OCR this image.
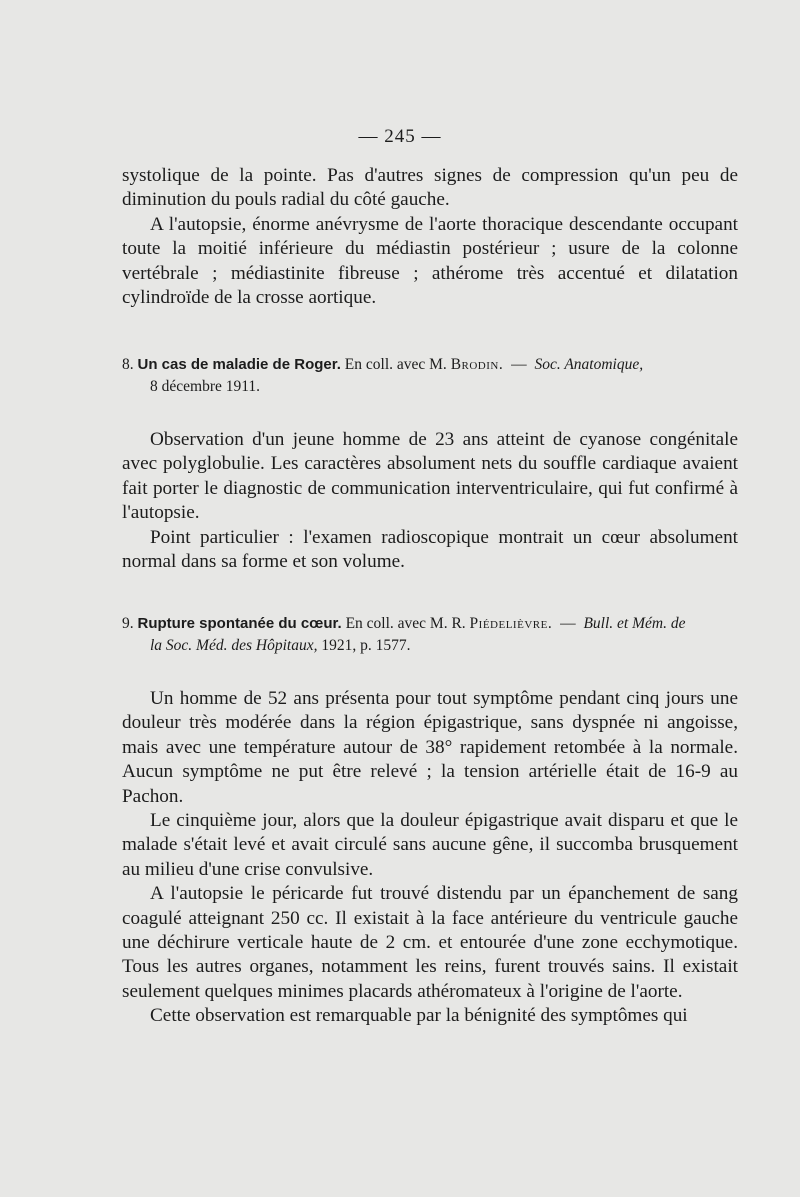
— 245 —

systolique de la pointe. Pas d'autres signes de compression qu'un peu de diminution du pouls radial du côté gauche.

A l'autopsie, énorme anévrysme de l'aorte thoracique descendante occupant toute la moitié inférieure du médiastin postérieur ; usure de la colonne vertébrale ; médiastinite fibreuse ; athérome très accentué et dilatation cylindroïde de la crosse aortique.

8. Un cas de maladie de Roger. En coll. avec M. Brodin. — Soc. Anatomique,
8 décembre 1911.

Observation d'un jeune homme de 23 ans atteint de cyanose congénitale avec polyglobulie. Les caractères absolument nets du souffle cardiaque avaient fait porter le diagnostic de communication interventriculaire, qui fut confirmé à l'autopsie.

Point particulier : l'examen radioscopique montrait un cœur absolument normal dans sa forme et son volume.

9. Rupture spontanée du cœur. En coll. avec M. R. Piédelièvre. — Bull. et Mém. de
la Soc. Méd. des Hôpitaux, 1921, p. 1577.

Un homme de 52 ans présenta pour tout symptôme pendant cinq jours une douleur très modérée dans la région épigastrique, sans dyspnée ni angoisse, mais avec une température autour de 38° rapidement retombée à la normale. Aucun symptôme ne put être relevé ; la tension artérielle était de 16-9 au Pachon.

Le cinquième jour, alors que la douleur épigastrique avait disparu et que le malade s'était levé et avait circulé sans aucune gêne, il succomba brusquement au milieu d'une crise convulsive.

A l'autopsie le péricarde fut trouvé distendu par un épanchement de sang coagulé atteignant 250 cc. Il existait à la face antérieure du ventricule gauche une déchirure verticale haute de 2 cm. et entourée d'une zone ecchymotique. Tous les autres organes, notamment les reins, furent trouvés sains. Il existait seulement quelques minimes placards athéromateux à l'origine de l'aorte.

Cette observation est remarquable par la bénignité des symptômes qui
